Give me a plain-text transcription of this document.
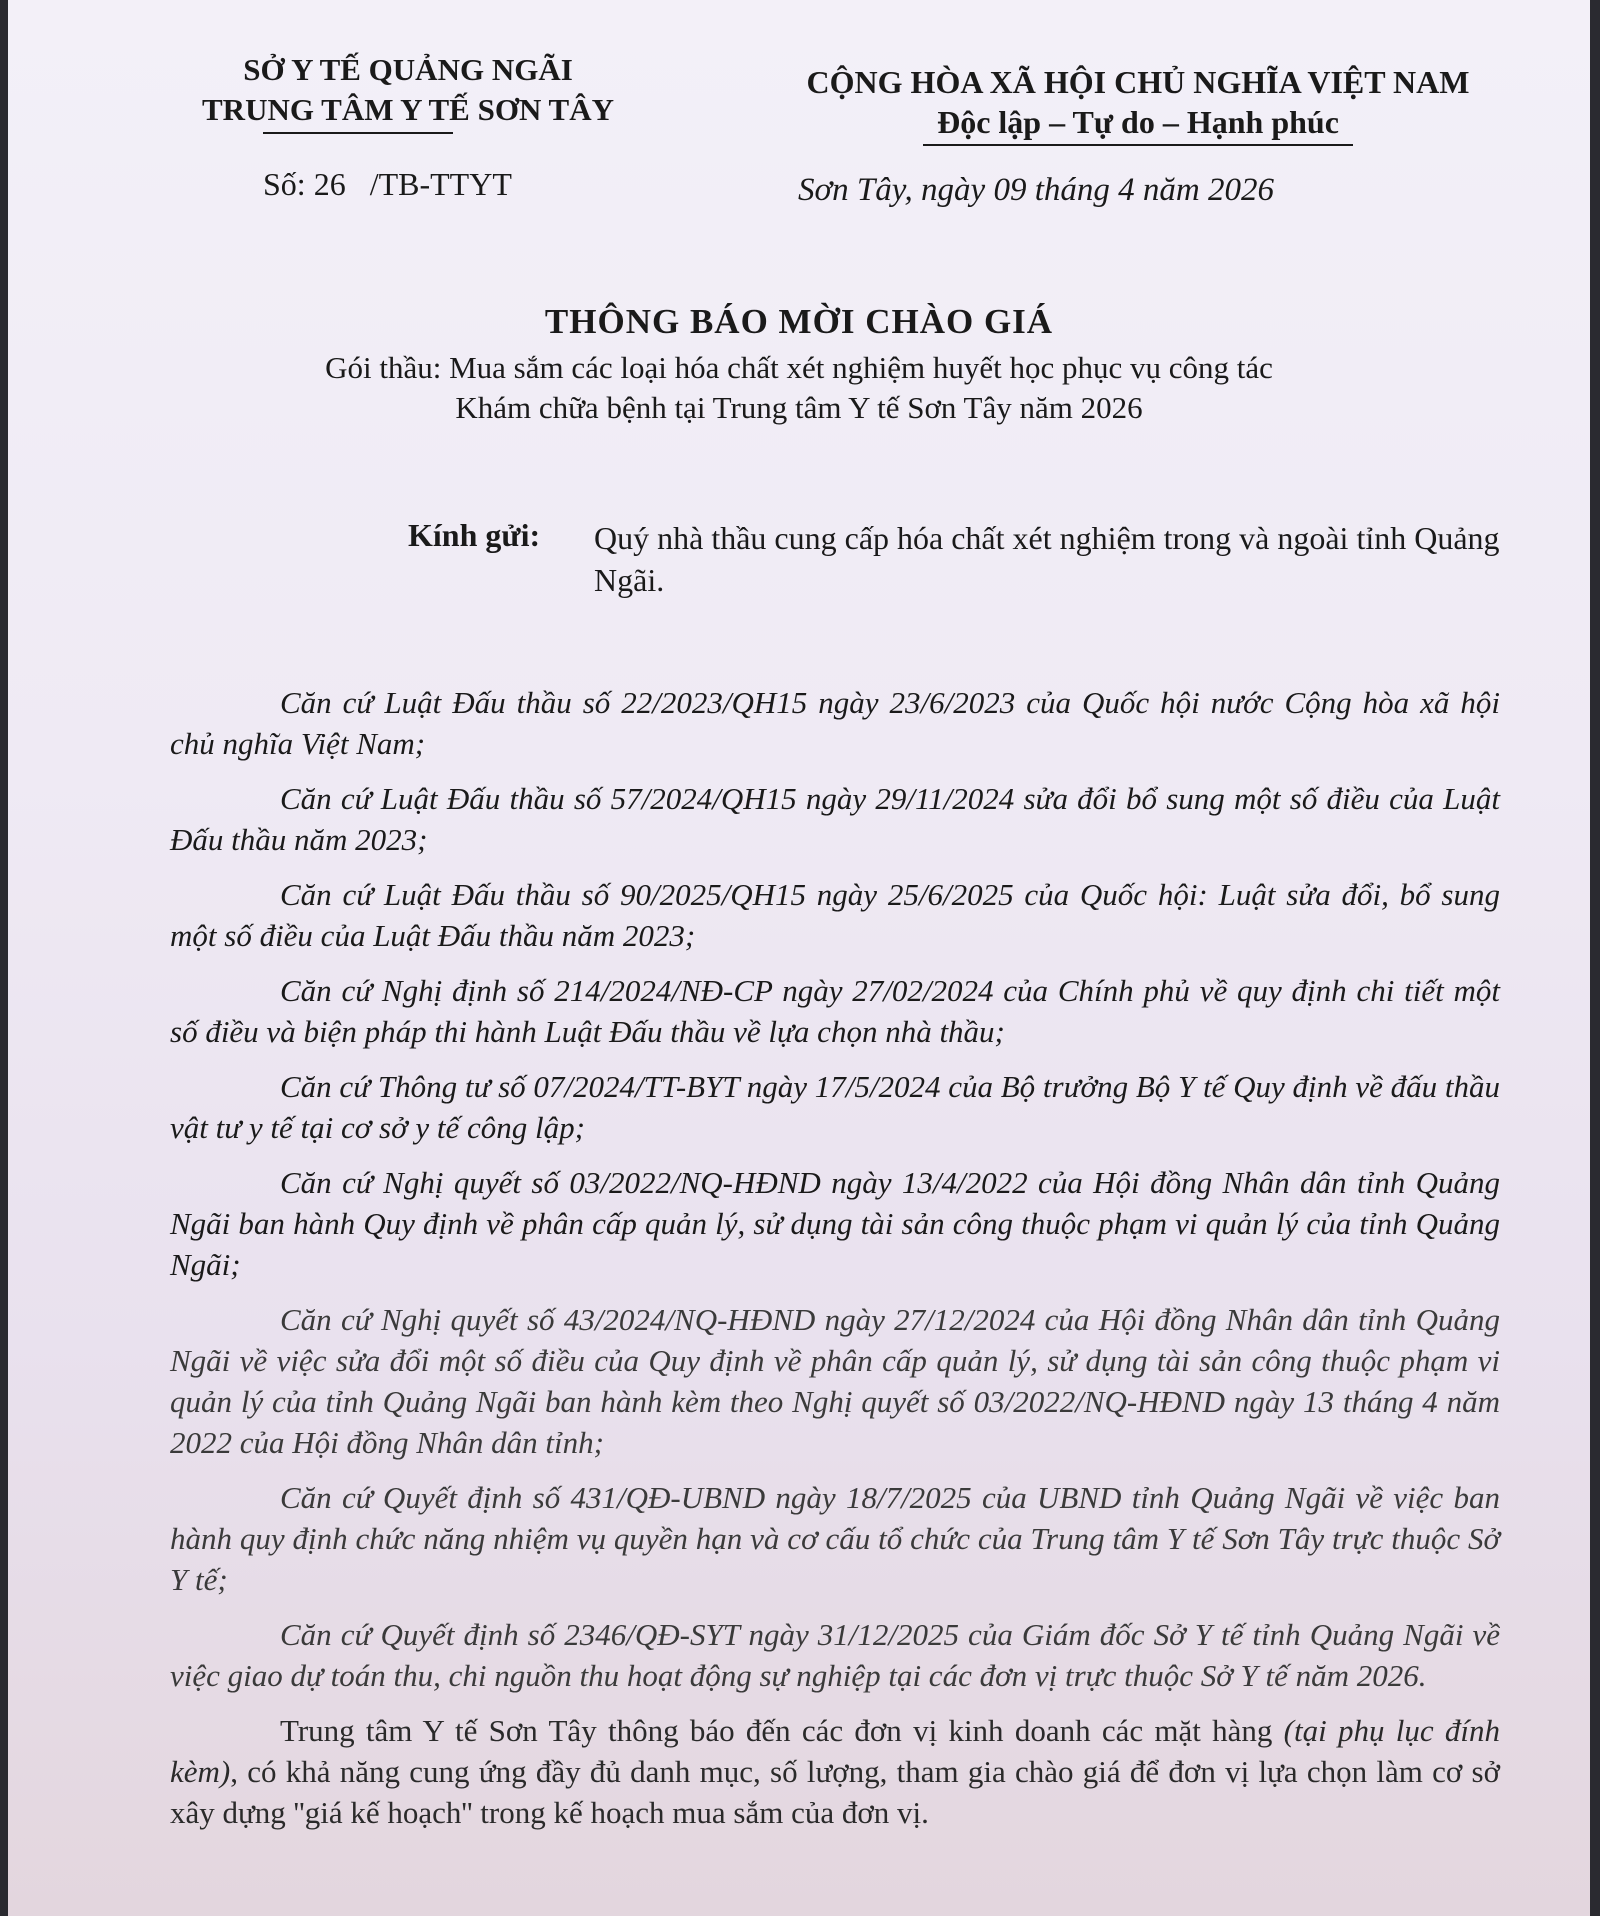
SỞ Y TẾ QUẢNG NGÃI
TRUNG TÂM Y TẾ SƠN TÂY
CỘNG HÒA XÃ HỘI CHỦ NGHĨA VIỆT NAM
Độc lập – Tự do – Hạnh phúc
Số: 26   /TB-TTYT	Sơn Tây, ngày 09 tháng 4 năm 2026
THÔNG BÁO MỜI CHÀO GIÁ
Gói thầu: Mua sắm các loại hóa chất xét nghiệm huyết học phục vụ công tác
Khám chữa bệnh tại Trung tâm Y tế Sơn Tây năm 2026
Kính gửi: Quý nhà thầu cung cấp hóa chất xét nghiệm trong và ngoài tỉnh Quảng Ngãi.

Căn cứ Luật Đấu thầu số 22/2023/QH15 ngày 23/6/2023 của Quốc hội nước Cộng hòa xã hội chủ nghĩa Việt Nam;

Căn cứ Luật Đấu thầu số 57/2024/QH15 ngày 29/11/2024 sửa đổi bổ sung một số điều của Luật Đấu thầu năm 2023;

Căn cứ Luật Đấu thầu số 90/2025/QH15 ngày 25/6/2025 của Quốc hội: Luật sửa đổi, bổ sung một số điều của Luật Đấu thầu năm 2023;

Căn cứ Nghị định số 214/2024/NĐ-CP ngày 27/02/2024 của Chính phủ về quy định chi tiết một số điều và biện pháp thi hành Luật Đấu thầu về lựa chọn nhà thầu;

Căn cứ Thông tư số 07/2024/TT-BYT ngày 17/5/2024 của Bộ trưởng Bộ Y tế Quy định về đấu thầu vật tư y tế tại cơ sở y tế công lập;

Căn cứ Nghị quyết số 03/2022/NQ-HĐND ngày 13/4/2022 của Hội đồng Nhân dân tỉnh Quảng Ngãi ban hành Quy định về phân cấp quản lý, sử dụng tài sản công thuộc phạm vi quản lý của tỉnh Quảng Ngãi;

Căn cứ Nghị quyết số 43/2024/NQ-HĐND ngày 27/12/2024 của Hội đồng Nhân dân tỉnh Quảng Ngãi về việc sửa đổi một số điều của Quy định về phân cấp quản lý, sử dụng tài sản công thuộc phạm vi quản lý của tỉnh Quảng Ngãi ban hành kèm theo Nghị quyết số 03/2022/NQ-HĐND ngày 13 tháng 4 năm 2022 của Hội đồng Nhân dân tỉnh;

Căn cứ Quyết định số 431/QĐ-UBND ngày 18/7/2025 của UBND tỉnh Quảng Ngãi về việc ban hành quy định chức năng nhiệm vụ quyền hạn và cơ cấu tổ chức của Trung tâm Y tế Sơn Tây trực thuộc Sở Y tế;

Căn cứ Quyết định số 2346/QĐ-SYT ngày 31/12/2025 của Giám đốc Sở Y tế tỉnh Quảng Ngãi về việc giao dự toán thu, chi nguồn thu hoạt động sự nghiệp tại các đơn vị trực thuộc Sở Y tế năm 2026.

Trung tâm Y tế Sơn Tây thông báo đến các đơn vị kinh doanh các mặt hàng (tại phụ lục đính kèm), có khả năng cung ứng đầy đủ danh mục, số lượng, tham gia chào giá để đơn vị lựa chọn làm cơ sở xây dựng ''giá kế hoạch'' trong kế hoạch mua sắm của đơn vị.
